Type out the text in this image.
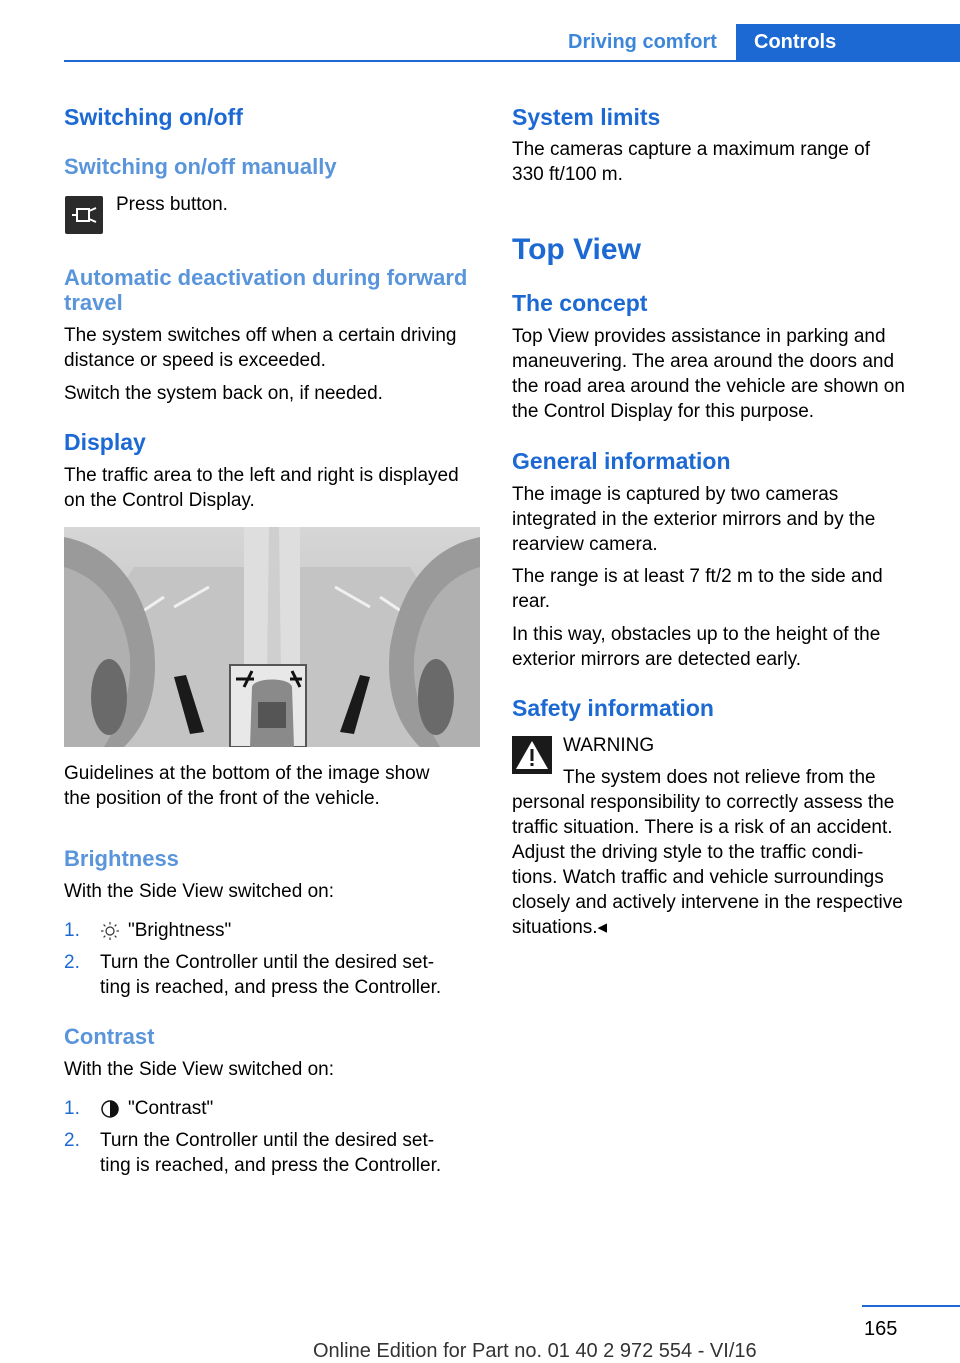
Driving comfort Controls
Switching on/off
Switching on/off manually

Press button.

Automatic deactivation during forward
travel

The system switches off when a certain driving

distance or speed is exceeded.

Switch the system back on, if needed.

Display

The traffic area to the left and right is displayed

on the Control Display.

Guidelines at the bottom of the image show

the position of the front of the vehicle.

Brightness

With the Side View switched on:

1.	"Brightness"
2. Turn the Controller until the desired set-
ting is reached, and press the Controller.
Contrast

With the Side View switched on:

1.	"Contrast"
2. Turn the Controller until the desired set-
ting is reached, and press the Controller.
System limits

The cameras capture a maximum range of

330 ft/100 m.

Top View
The concept

Top View provides assistance in parking and

maneuvering. The area around the doors and

the road area around the vehicle are shown on

the Control Display for this purpose.

General information

The image is captured by two cameras

integrated in the exterior mirrors and by the

rearview camera.

The range is at least 7 ft/2 m to the side and

rear.

In this way, obstacles up to the height of the

exterior mirrors are detected early.

Safety information

WARNING

The system does not relieve from the

personal responsibility to correctly assess the

traffic situation. There is a risk of an accident.

Adjust the driving style to the traffic condi-

tions. Watch traffic and vehicle surroundings

closely and actively intervene in the respective

situations.◂

165
Online Edition for Part no. 01 40 2 972 554 - VI/16
